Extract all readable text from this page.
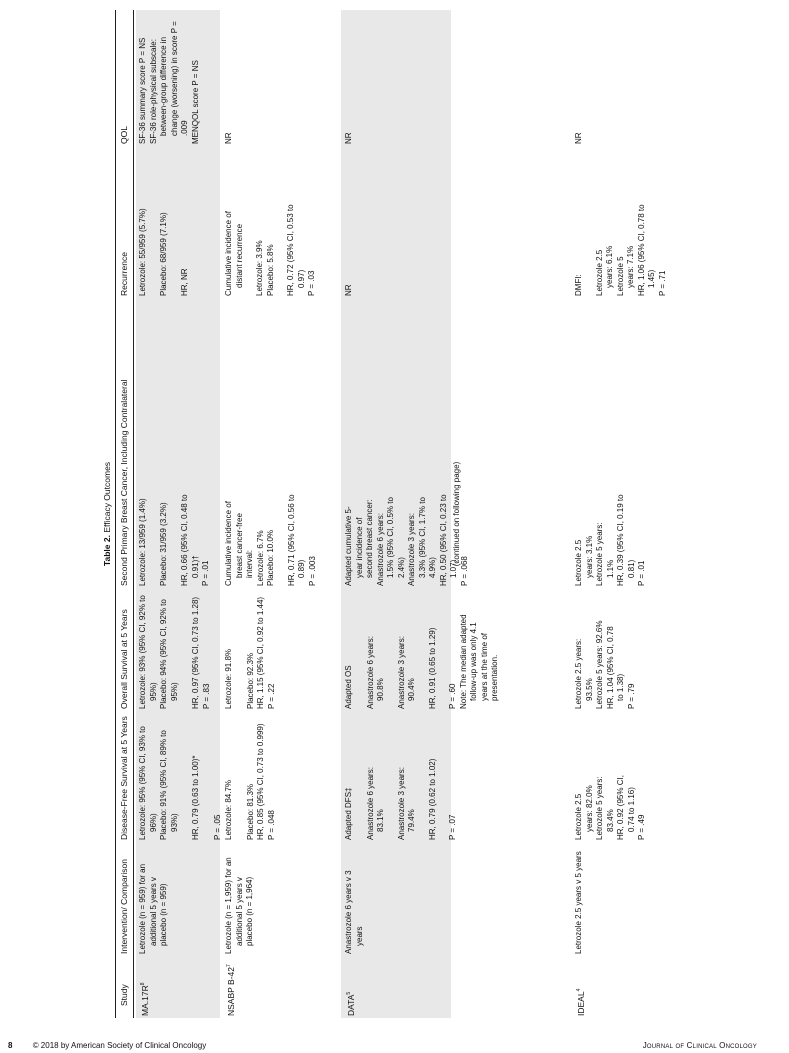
Table 2. Efficacy Outcomes
Study
Intervention/ Comparison
Disease-Free Survival at 5 Years
Overall Survival at 5 Years
Second Primary Breast Cancer, Including Contralateral
Recurrence
QOL
$MA.17R^8$

Letrozole (n = 959) for an additional 5 years v placebo (n = 959)

Letrozole: 95% (95% CI, 93% to 96%) Placebo: 91% (95% CI, 89% to 93%) HR, 0.79 (0.63 to 1.00)* P = .05

Letrozole: 93% (95% CI, 92% to 95%) Placebo: 94% (95% CI, 92% to 95%) HR, 0.97 (95% CI, 0.73 to 1.28) P = .83

Letrozole: 13/959 (1.4%) Placebo: 31/959 (3.2%) HR, 0.66 (95% CI, 0.48 to 0.91)† P = .01

Letrozole: 55/959 (5.7%) Placebo: 68/959 (7.1%) HR, NR

SF-36 summary score P = NS SF-36 role-physical subscale: between-group difference in change (worsening) in score P = .009 MENQOL score P = NS

NSABP $B-42^7$

Letrozole (n = 1,959) for an additional 5 years v placebo (n = 1,964)

Letrozole: 84.7% Placebo: 81.3% HR, 0.85 (95% CI, 0.73 to 0.999) P = .048

Letrozole: 91.8% Placebo: 92.3% HR, 1.15 (95% CI, 0.92 to 1.44) P = .22

Cumulative incidence of breast cancer-free interval: Letrozole: 6.7% Placebo: 10.0% HR, 0.71 (95% CI, 0.56 to 0.89) P = .003

Cumulative incidence of distant recurrence Letrozole: 3.9% Placebo: 5.8% HR, 0.72 (95% CI, 0.53 to 0.97) P = .03

NR

DATA$^5$

Anastrozole 6 years v 3 years

Adapted DFS‡ Anastrozole 6 years: 83.1% Anastrozole 3 years: 79.4% HR, 0.79 (0.62 to 1.02) P = .07

Adapted OS Anastrozole 6 years: 90.8% Anastrozole 3 years: 90.4% HR, 0.91 (0.65 to 1.29) P = .60 Note: The median adapted follow-up was only 4.1 years at the time of presentation.

Adapted cumulative 5-year incidence of second breast cancer: Anastrozole 6 years: 1.5% (95% CI, 0.5% to 2.4%) Anastrozole 3 years: 3.3% (95% CI, 1.7% to 4.9%) HR, 0.50 (95% CI, 0.23 to 1.07) P = .068

NR

NR

IDEAL$^4$

Letrozole 2.5 years v 5 years

Letrozole 2.5 years: 82.0% Letrozole 5 years: 83.4% HR, 0.92 (95% CI, 0.74 to 1.16) P = .49

Letrozole 2.5 years: 93.5% Letrozole 5 years: 92.6% HR, 1.04 (95% CI, 0.78 to 1.38) P = .79

Letrozole 2.5 years: 3.1% Letrozole 5 years: 1.1% HR, 0.39 (95% CI, 0.19 to 0.81) P = .01

DMFI: Letrozole 2.5 years: 6.1% Letrozole 5 years: 7.1% HR, 1.06 (95% CI, 0.78 to 1.45) P = .71

NR

(continued on following page)
8	© 2018 by American Society of Clinical Oncology	Journal of Clinical Oncology
